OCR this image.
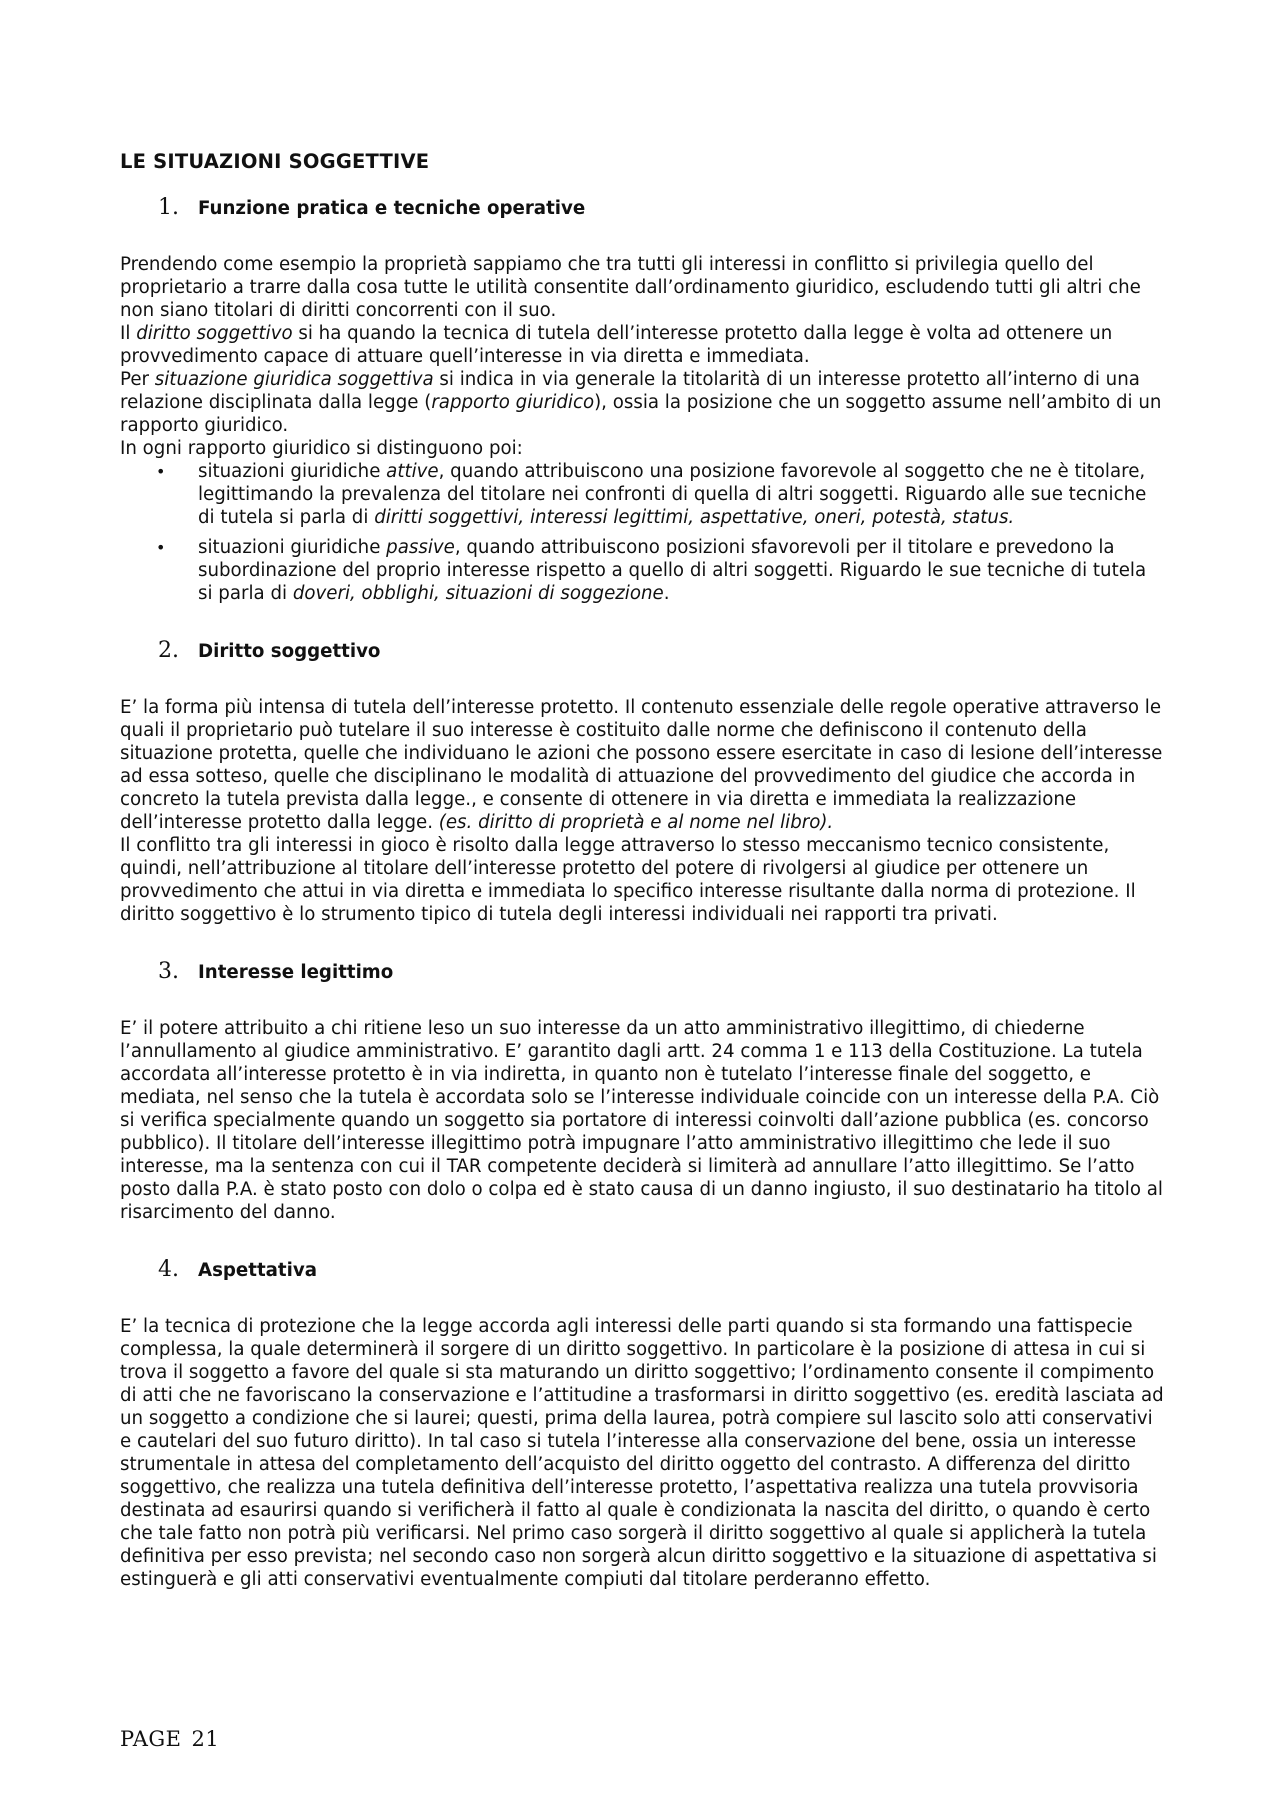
LE SITUAZIONI SOGGETTIVE
1.	Funzione pratica e tecniche operative

Prendendo come esempio la proprietà sappiamo che tra tutti gli interessi in conflitto si privilegia quello del proprietario a trarre dalla cosa tutte le utilità consentite dall’ordinamento giuridico, escludendo tutti gli altri che non siano titolari di diritti concorrenti con il suo.

Il diritto soggettivo si ha quando la tecnica di tutela dell’interesse protetto dalla legge è volta ad ottenere un provvedimento capace di attuare quell’interesse in via diretta e immediata.

Per situazione giuridica soggettiva si indica in via generale la titolarità di un interesse protetto all’interno di una relazione disciplinata dalla legge (rapporto giuridico), ossia la posizione che un soggetto assume nell’ambito di un rapporto giuridico.

In ogni rapporto giuridico si distinguono poi:

• situazioni giuridiche attive, quando attribuiscono una posizione favorevole al soggetto che ne è titolare, legittimando la prevalenza del titolare nei confronti di quella di altri soggetti. Riguardo alle sue tecniche di tutela si parla di diritti soggettivi, interessi legittimi, aspettative, oneri, potestà, status.
• situazioni giuridiche passive, quando attribuiscono posizioni sfavorevoli per il titolare e prevedono la subordinazione del proprio interesse rispetto a quello di altri soggetti. Riguardo le sue tecniche di tutela si parla di doveri, obblighi, situazioni di soggezione.
2.	Diritto soggettivo

E’ la forma più intensa di tutela dell’interesse protetto. Il contenuto essenziale delle regole operative attraverso le quali il proprietario può tutelare il suo interesse è costituito dalle norme che definiscono il contenuto della situazione protetta, quelle che individuano le azioni che possono essere esercitate in caso di lesione dell’interesse ad essa sotteso, quelle che disciplinano le modalità di attuazione del provvedimento del giudice che accorda in concreto la tutela prevista dalla legge., e consente di ottenere in via diretta e immediata la realizzazione dell’interesse protetto dalla legge. (es. diritto di proprietà e al nome nel libro).

Il conflitto tra gli interessi in gioco è risolto dalla legge attraverso lo stesso meccanismo tecnico consistente, quindi, nell’attribuzione al titolare dell’interesse protetto del potere di rivolgersi al giudice per ottenere un provvedimento che attui in via diretta e immediata lo specifico interesse risultante dalla norma di protezione. Il diritto soggettivo è lo strumento tipico di tutela degli interessi individuali nei rapporti tra privati.

3.	Interesse legittimo

E’ il potere attribuito a chi ritiene leso un suo interesse da un atto amministrativo illegittimo, di chiederne l’annullamento al giudice amministrativo. E’ garantito dagli artt. 24 comma 1 e 113 della Costituzione. La tutela accordata all’interesse protetto è in via indiretta, in quanto non è tutelato l’interesse finale del soggetto, e mediata, nel senso che la tutela è accordata solo se l’interesse individuale coincide con un interesse della P.A. Ciò si verifica specialmente quando un soggetto sia portatore di interessi coinvolti dall’azione pubblica (es. concorso pubblico). Il titolare dell’interesse illegittimo potrà impugnare l’atto amministrativo illegittimo che lede il suo interesse, ma la sentenza con cui il TAR competente deciderà si limiterà ad annullare l’atto illegittimo. Se l’atto posto dalla P.A. è stato posto con dolo o colpa ed è stato causa di un danno ingiusto, il suo destinatario ha titolo al risarcimento del danno.

4.	Aspettativa

E’ la tecnica di protezione che la legge accorda agli interessi delle parti quando si sta formando una fattispecie complessa, la quale determinerà il sorgere di un diritto soggettivo. In particolare è la posizione di attesa in cui si trova il soggetto a favore del quale si sta maturando un diritto soggettivo; l’ordinamento consente il compimento di atti che ne favoriscano la conservazione e l’attitudine a trasformarsi in diritto soggettivo (es. eredità lasciata ad un soggetto a condizione che si laurei; questi, prima della laurea, potrà compiere sul lascito solo atti conservativi e cautelari del suo futuro diritto). In tal caso si tutela l’interesse alla conservazione del bene, ossia un interesse strumentale in attesa del completamento dell’acquisto del diritto oggetto del contrasto. A differenza del diritto soggettivo, che realizza una tutela definitiva dell’interesse protetto, l’aspettativa realizza una tutela provvisoria destinata ad esaurirsi quando si verificherà il fatto al quale è condizionata la nascita del diritto, o quando è certo che tale fatto non potrà più verificarsi. Nel primo caso sorgerà il diritto soggettivo al quale si applicherà la tutela definitiva per esso prevista; nel secondo caso non sorgerà alcun diritto soggettivo e la situazione di aspettativa si estinguerà e gli atti conservativi eventualmente compiuti dal titolare perderanno effetto.

PAGE 21
